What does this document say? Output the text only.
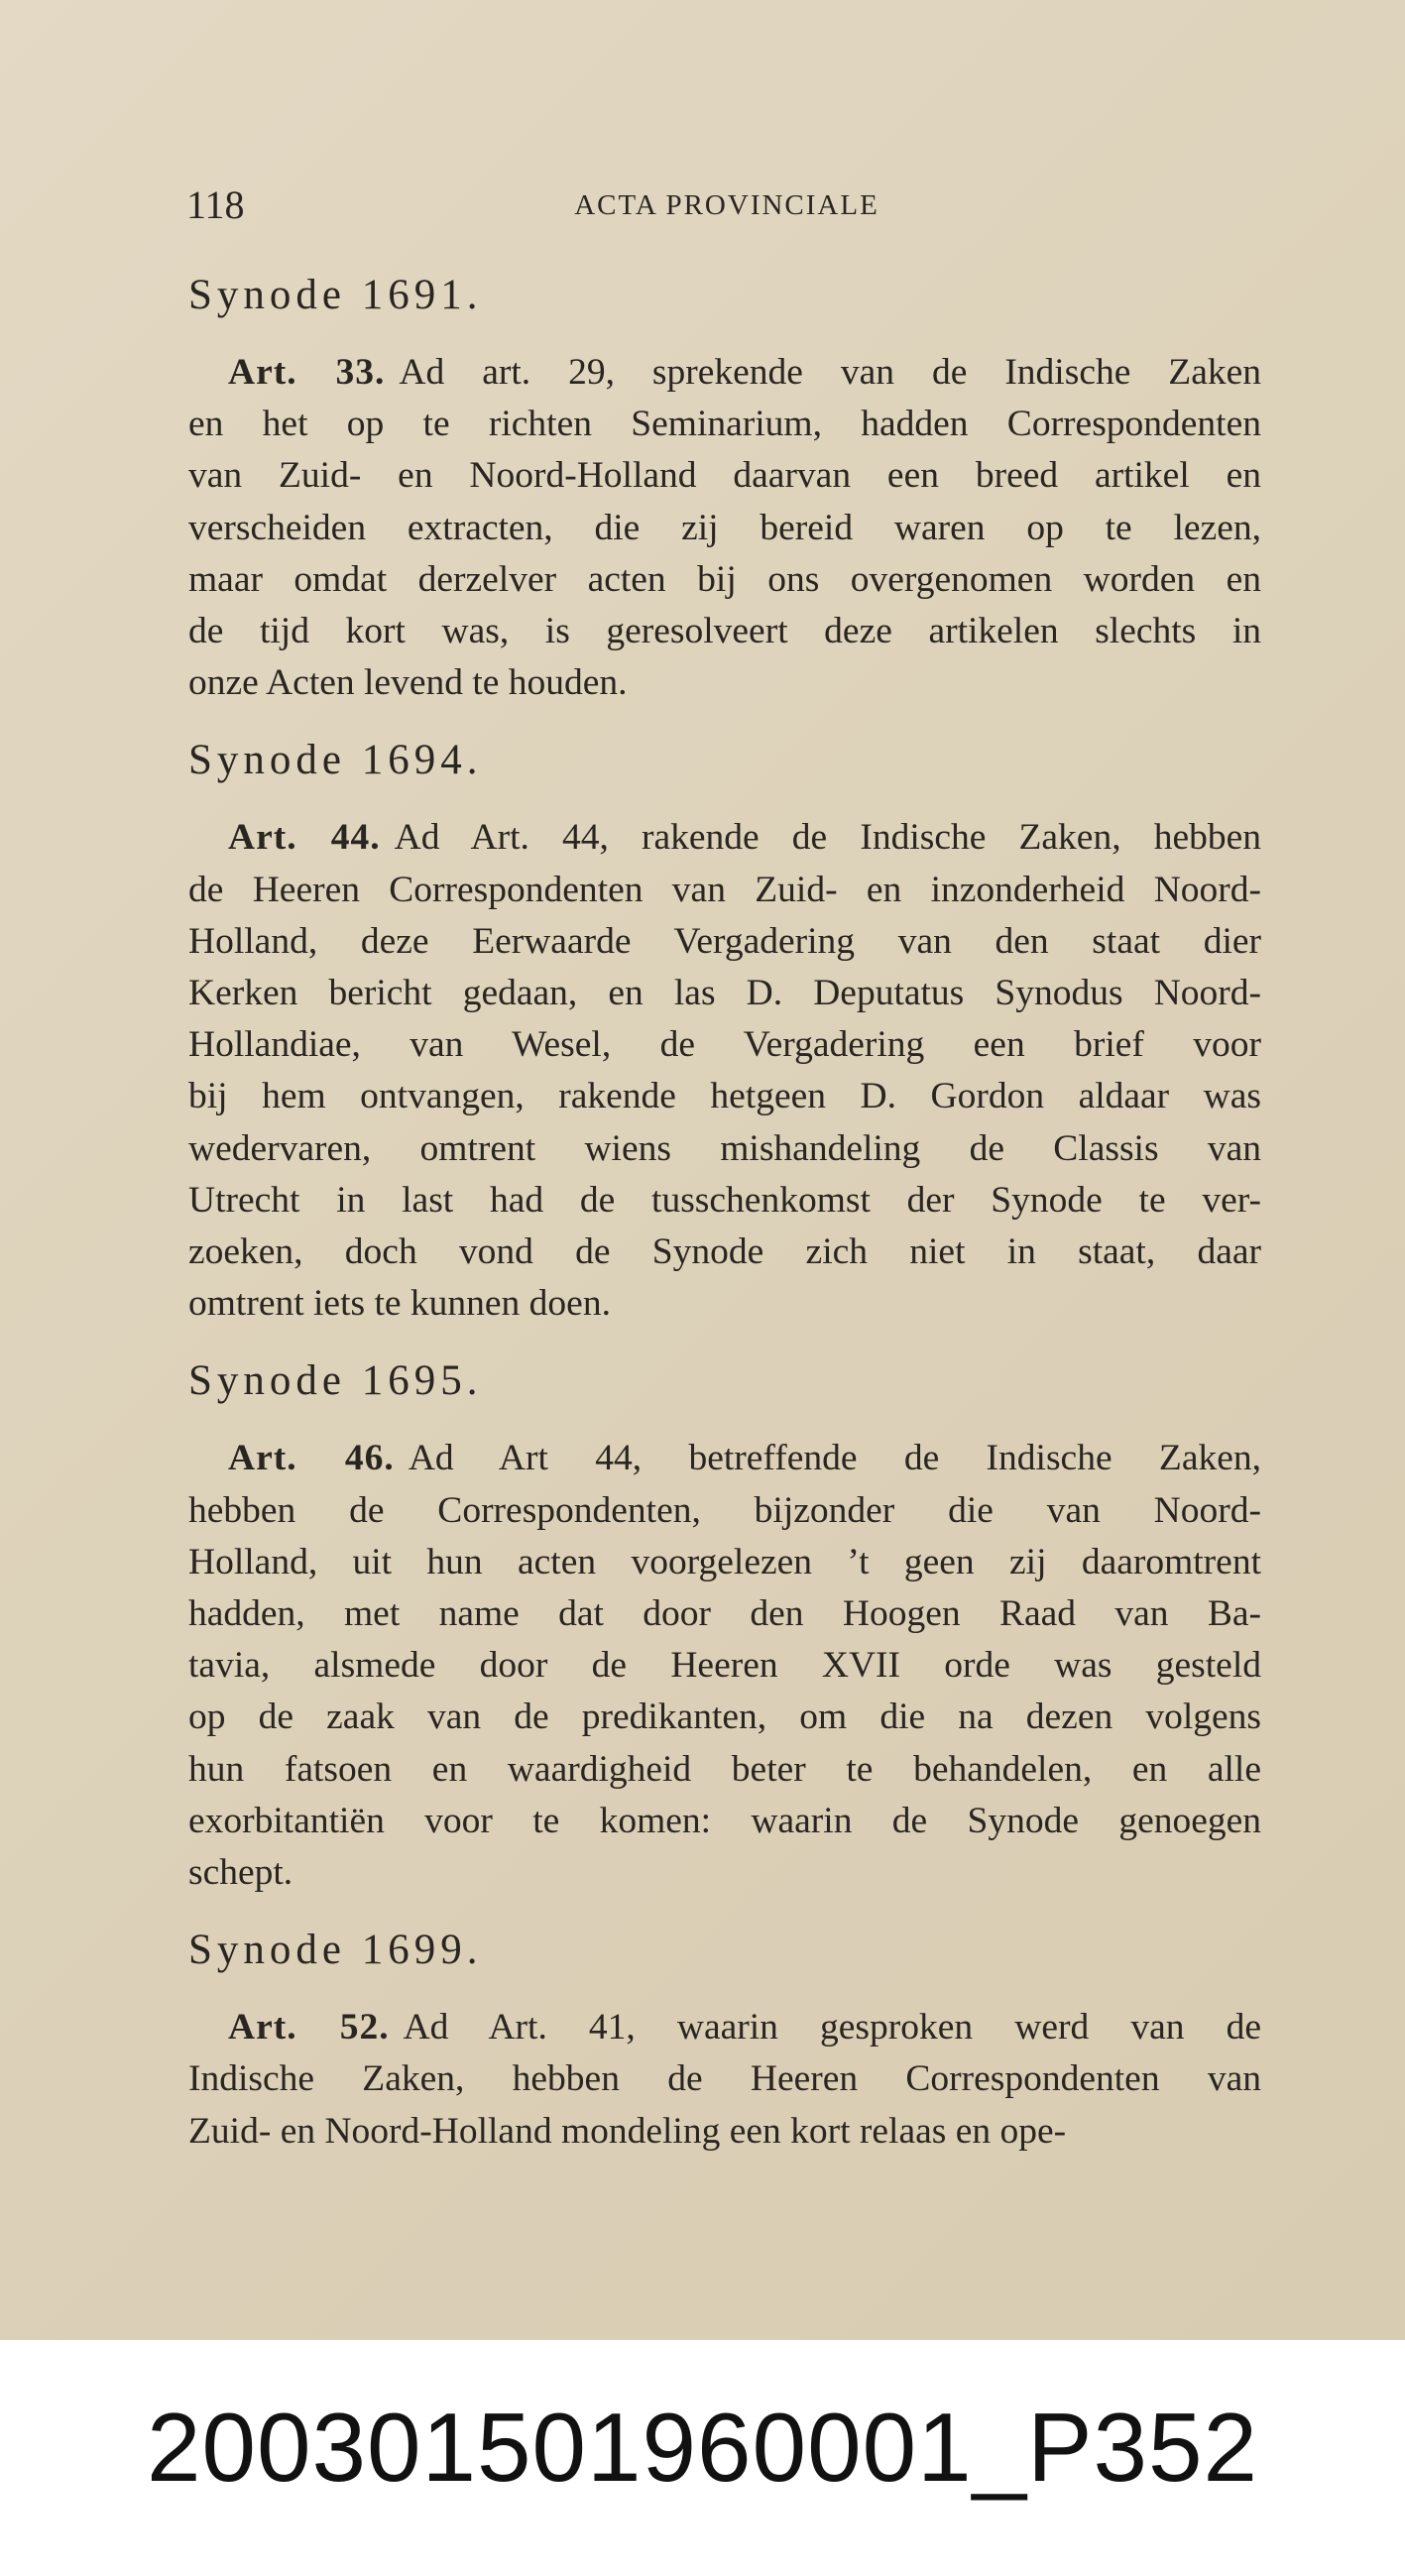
118	ACTA PROVINCIALE
Synode 1691.
Art. 33. Ad art. 29, sprekende van de Indische Zaken
en het op te richten Seminarium, hadden Correspondenten
van Zuid- en Noord-Holland daarvan een breed artikel en
verscheiden extracten, die zij bereid waren op te lezen,
maar omdat derzelver acten bij ons overgenomen worden en
de tijd kort was, is geresolveert deze artikelen slechts in
onze Acten levend te houden.
Synode 1694.
Art. 44. Ad Art. 44, rakende de Indische Zaken, hebben
de Heeren Correspondenten van Zuid- en inzonderheid Noord-
Holland, deze Eerwaarde Vergadering van den staat dier
Kerken bericht gedaan, en las D. Deputatus Synodus Noord-
Hollandiae, van Wesel, de Vergadering een brief voor
bij hem ontvangen, rakende hetgeen D. Gordon aldaar was
wedervaren, omtrent wiens mishandeling de Classis van
Utrecht in last had de tusschenkomst der Synode te ver-
zoeken, doch vond de Synode zich niet in staat, daar
omtrent iets te kunnen doen.
Synode 1695.
Art. 46. Ad Art 44, betreffende de Indische Zaken,
hebben de Correspondenten, bijzonder die van Noord-
Holland, uit hun acten voorgelezen ’t geen zij daaromtrent
hadden, met name dat door den Hoogen Raad van Ba-
tavia, alsmede door de Heeren XVII orde was gesteld
op de zaak van de predikanten, om die na dezen volgens
hun fatsoen en waardigheid beter te behandelen, en alle
exorbitantiën voor te komen: waarin de Synode genoegen
schept.
Synode 1699.
Art. 52. Ad Art. 41, waarin gesproken werd van de
Indische Zaken, hebben de Heeren Correspondenten van
Zuid- en Noord-Holland mondeling een kort relaas en ope-
200301501960001_P352
